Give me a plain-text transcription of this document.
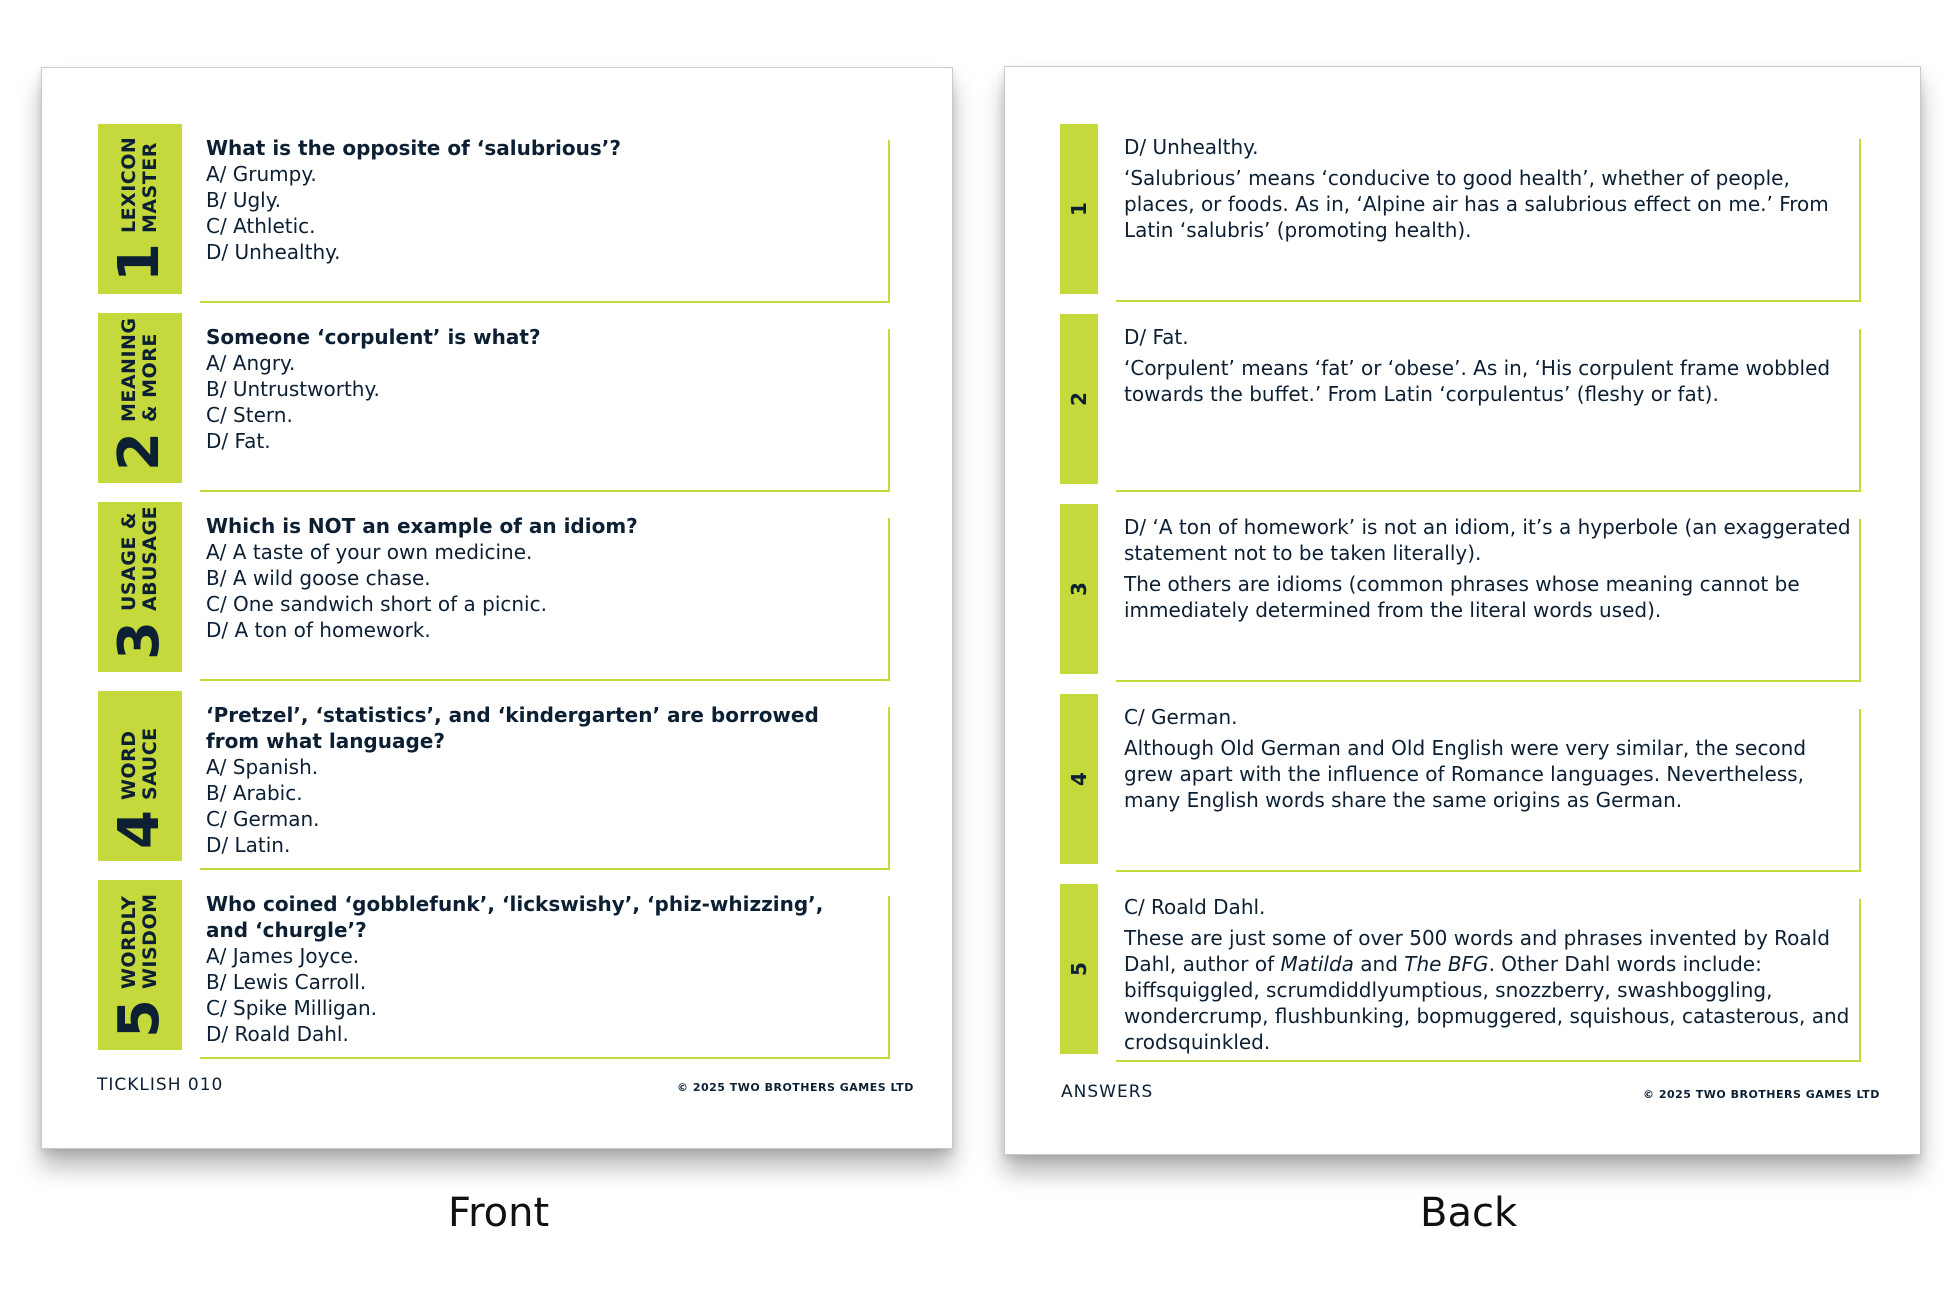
1
LEXICON
MASTER What is the opposite of ‘salubrious’?
A/ Grumpy.
B/ Ugly.
C/ Athletic.
D/ Unhealthy.
2
MEANING
& MORE Someone ‘corpulent’ is what?
A/ Angry.
B/ Untrustworthy.
C/ Stern.
D/ Fat.
3
USAGE &
ABUSAGE Which is NOT an example of an idiom?
A/ A taste of your own medicine.
B/ A wild goose chase.
C/ One sandwich short of a picnic.
D/ A ton of homework.
4
WORD
SAUCE
‘Pretzel’, ‘statistics’, and ‘kindergarten’ are borrowed from what language?
A/ Spanish.
B/ Arabic.
C/ German.
D/ Latin.
5
WORDLY
WISDOM Who coined ‘gobblefunk’, ‘lickswishy’, ‘phiz-whizzing’, and ‘churgle’?
A/ James Joyce.
B/ Lewis Carroll.
C/ Spike Milligan.
D/ Roald Dahl.
TICKLISH 010	© 2025 TWO BROTHERS GAMES LTD
1
D/ Unhealthy.
‘Salubrious’ means ‘conducive to good health’, whether of people, places, or foods. As in, ‘Alpine air has a salubrious effect on me.’ From Latin ‘salubris’ (promoting health).
2
D/ Fat.
‘Corpulent’ means ‘fat’ or ‘obese’. As in, ‘His corpulent frame wobbled towards the buffet.’ From Latin ‘corpulentus’ (fleshy or fat).
3
D/ ‘A ton of homework’ is not an idiom, it’s a hyperbole (an exaggerated statement not to be taken literally).
The others are idioms (common phrases whose meaning cannot be immediately determined from the literal words used).
4
C/ German.
Although Old German and Old English were very similar, the second grew apart with the influence of Romance languages. Nevertheless, many English words share the same origins as German.
5
C/ Roald Dahl.
These are just some of over 500 words and phrases invented by Roald Dahl, author of Matilda and The BFG. Other Dahl words include: biffsquiggled, scrumdiddlyumptious, snozzberry, swashboggling, wondercrump, flushbunking, bopmuggered, squishous, catasterous, and crodsquinkled.
ANSWERS	© 2025 TWO BROTHERS GAMES LTD
Front	Back
